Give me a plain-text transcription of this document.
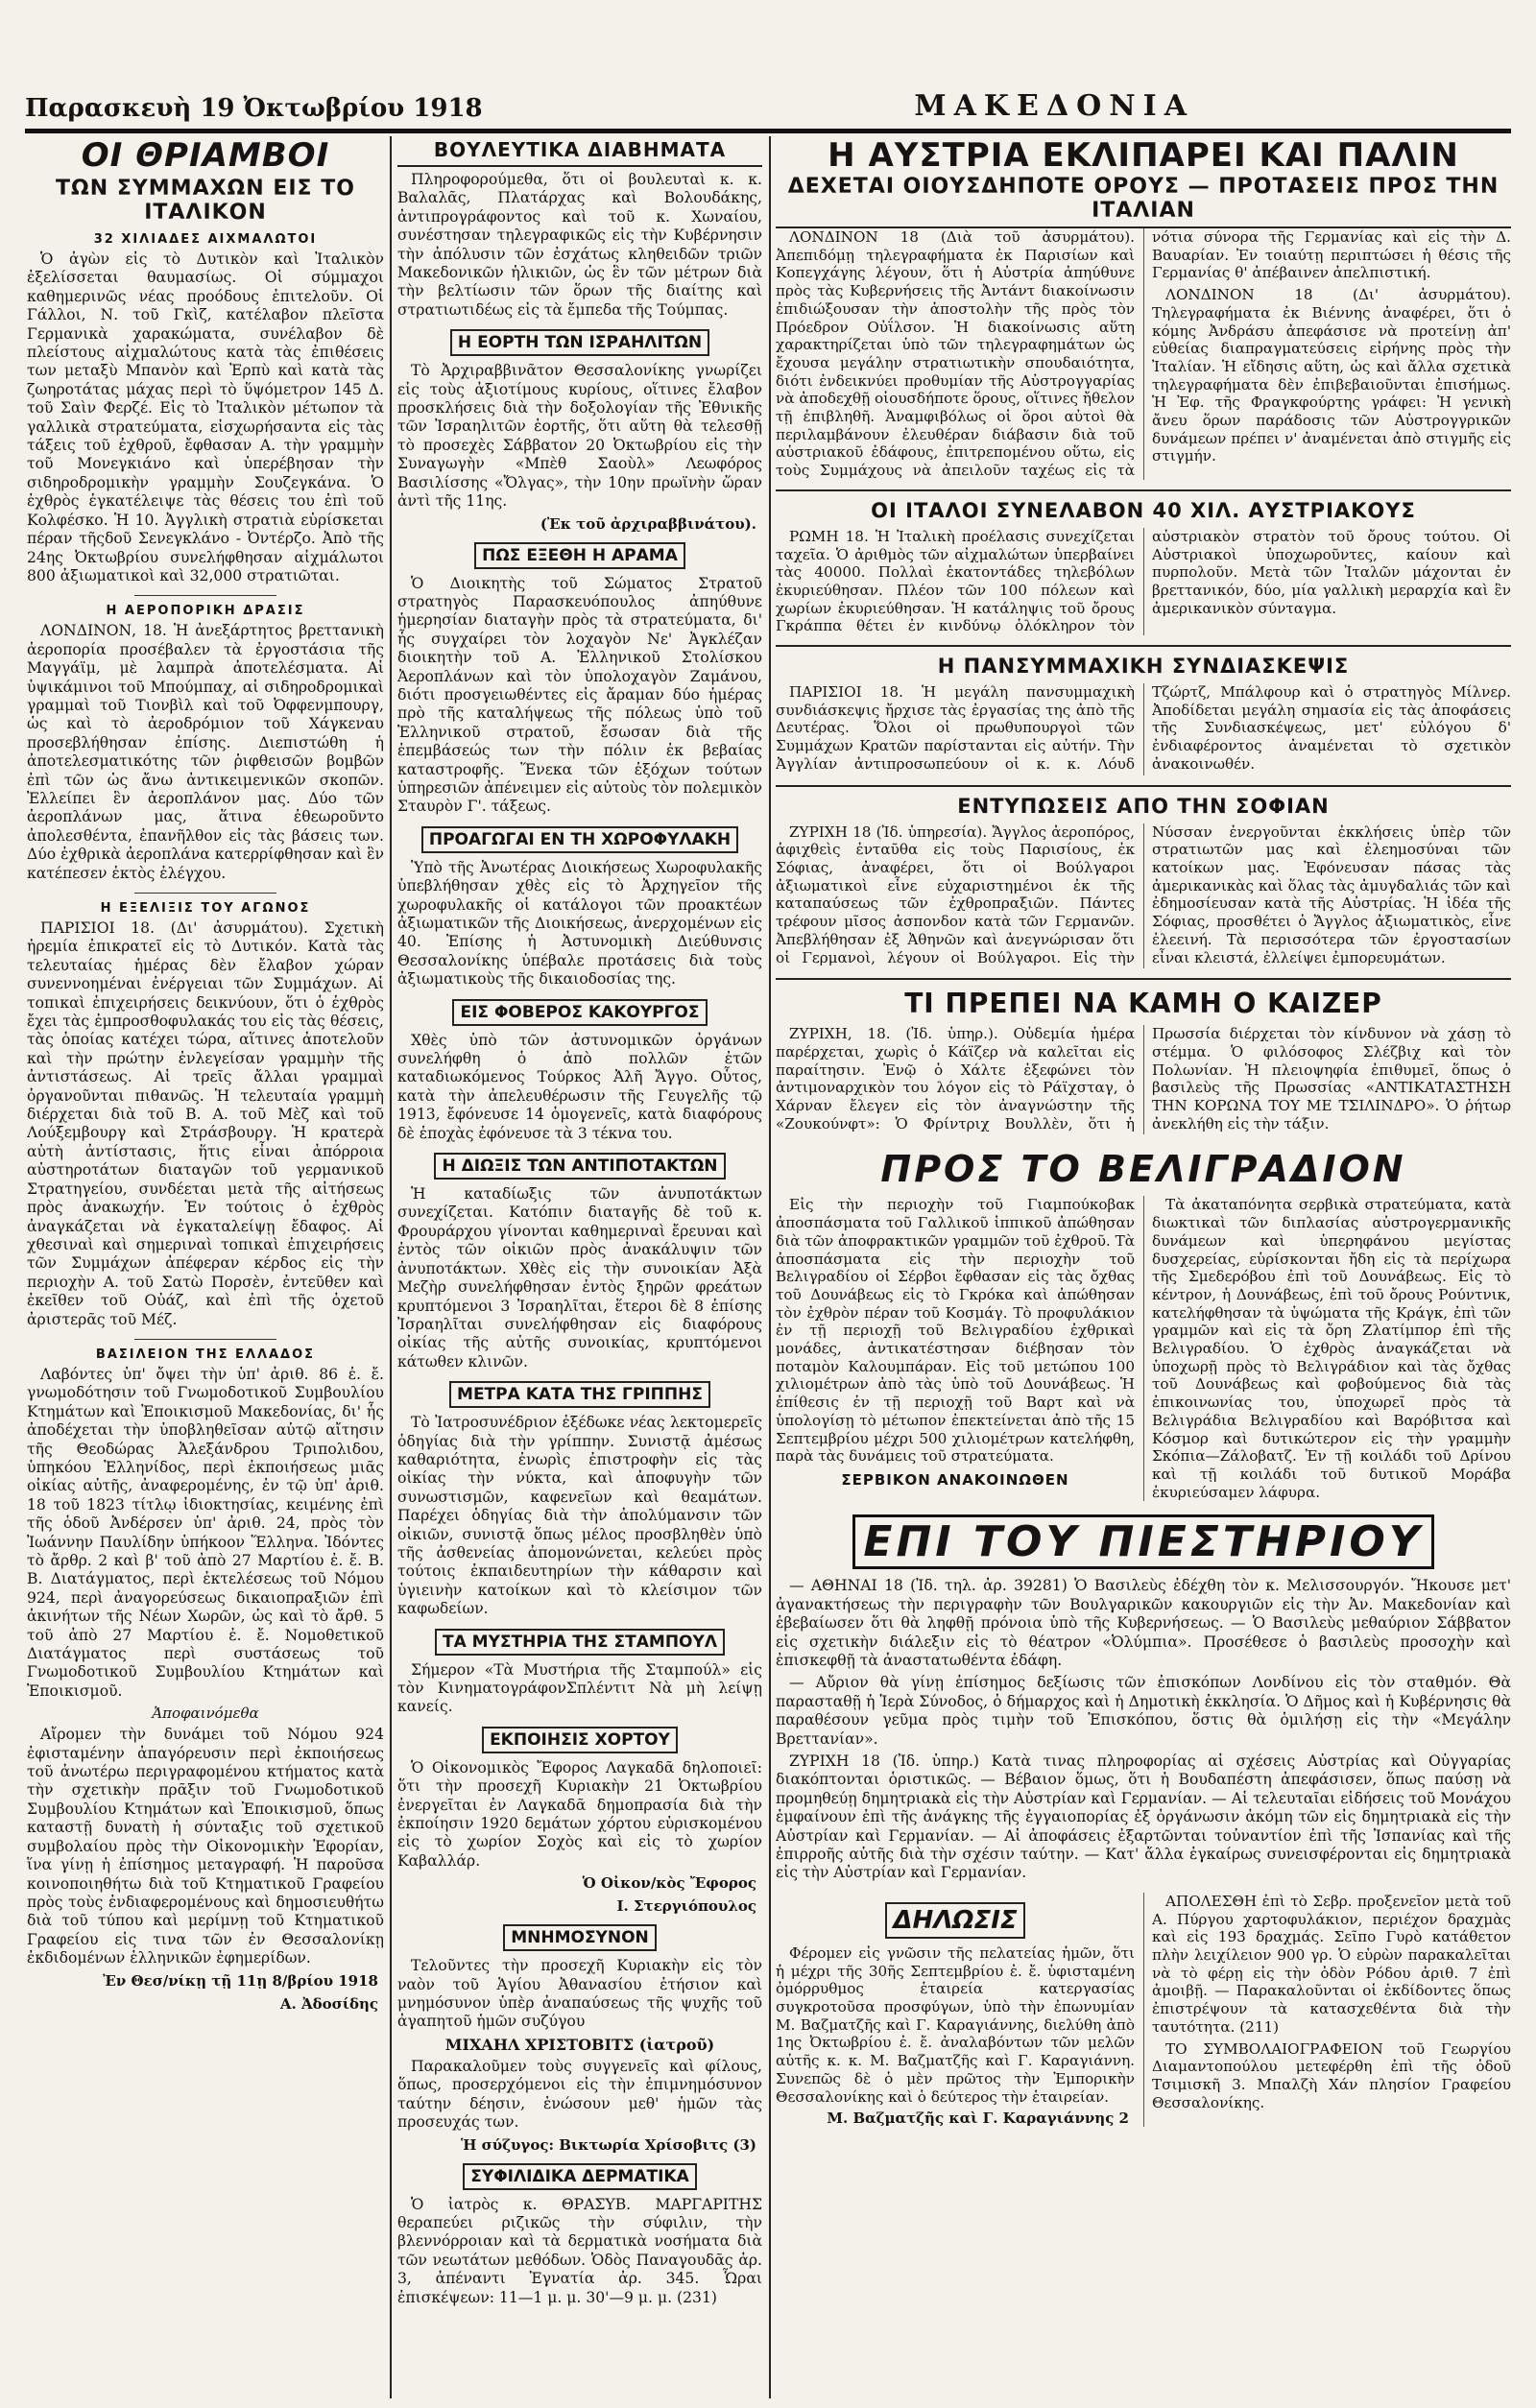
Παρασκευὴ 19 Ὀκτωβρίου 1918	ΜΑΚΕΔΟΝΙΑ
ΟΙ ΘΡΙΑΜΒΟΙ
ΤΩΝ ΣΥΜΜΑΧΩΝ ΕΙΣ ΤΟ ΙΤΑΛΙΚΟΝ
32 ΧΙΛΙΑΔΕΣ ΑΙΧΜΑΛΩΤΟΙ

Ὁ ἀγὼν εἰς τὸ Δυτικὸν καὶ Ἰταλικὸν ἐξελίσσεται θαυμασίως. Οἱ σύμμαχοι καθημερινῶς νέας προόδους ἐπιτελοῦν. Οἱ Γάλλοι, Ν. τοῦ Γκὶζ, κατέλαβον πλεῖστα Γερμανικὰ χαρακώματα, συνέλαβον δὲ πλείστους αἰχμαλώτους κατὰ τὰς ἐπιθέσεις των μεταξὺ Μπανὸν καὶ Ἐρπὺ καὶ κατὰ τὰς ζωηροτάτας μάχας περὶ τὸ ὕψόμετρον 145 Δ. τοῦ Σαὶν Φερζέ. Εἰς τὸ Ἰταλικὸν μέτωπον τὰ γαλλικὰ στρατεύματα, εἰσχωρήσαντα εἰς τὰς τάξεις τοῦ ἐχθροῦ, ἔφθασαν Α. τὴν γραμμὴν τοῦ Μονεγκιάνο καὶ ὑπερέβησαν τὴν σιδηροδρομικὴν γραμμὴν Σουζεγκάνα. Ὁ ἐχθρὸς ἐγκατέλειψε τὰς θέσεις του ἐπὶ τοῦ Κολφέσκο. Ἡ 10. Ἀγγλικὴ στρατιὰ εὑρίσκεται πέραν τῆςδοῦ Σενεγκλάνο - Ὀντέρζο. Ἀπὸ τῆς 24ης Ὀκτωβρίου συνελήφθησαν αἰχμάλωτοι 800 ἀξιωματικοὶ καὶ 32,000 στρατιῶται.

Η ΑΕΡΟΠΟΡΙΚΗ ΔΡΑΣΙΣ

ΛΟΝΔΙΝΟΝ, 18. Ἡ ἀνεξάρτητος βρεττανικὴ ἀεροπορία προσέβαλεν τὰ ἐργοστάσια τῆς Μαγγάϊμ, μὲ λαμπρὰ ἀποτελέσματα. Αἱ ὑψικάμινοι τοῦ Μπούμπαχ, αἱ σιδηροδρομικαὶ γραμμαὶ τοῦ Τιονβὶλ καὶ τοῦ Ὀφφενμπουργ, ὡς καὶ τὸ ἀεροδρόμιον τοῦ Χάγκεναυ προσεβλήθησαν ἐπίσης. Διεπιστώθη ἡ ἀποτελεσματικότης τῶν ῥιφθεισῶν βομβῶν ἐπὶ τῶν ὡς ἄνω ἀντικειμενικῶν σκοπῶν. Ἐλλείπει ἓν ἀεροπλάνον μας. Δύο τῶν ἀεροπλάνων μας, ἅτινα ἐθεωροῦντο ἀπολεσθέντα, ἐπανῆλθον εἰς τὰς βάσεις των. Δύο ἐχθρικὰ ἀεροπλάνα κατερρίφθησαν καὶ ἓν κατέπεσεν ἐκτὸς ἐλέγχου.

Η ΕΞΕΛΙΞΙΣ ΤΟΥ ΑΓΩΝΟΣ

ΠΑΡΙΣΙΟΙ 18. (Δι' ἀσυρμάτου). Σχετικὴ ἠρεμία ἐπικρατεῖ εἰς τὸ Δυτικόν. Κατὰ τὰς τελευταίας ἡμέρας δὲν ἔλαβον χώραν συνεννοημέναι ἐνέργειαι τῶν Συμμάχων. Αἱ τοπικαὶ ἐπιχειρήσεις δεικνύουν, ὅτι ὁ ἐχθρὸς ἔχει τὰς ἐμπροσθοφυλακάς του εἰς τὰς θέσεις, τὰς ὁποίας κατέχει τώρα, αἵτινες ἀποτελοῦν καὶ τὴν πρώτην ἐνλεγείσαν γραμμὴν τῆς ἀντιστάσεως. Αἱ τρεῖς ἄλλαι γραμμαὶ ὀργανοῦνται πιθανῶς. Ἡ τελευταία γραμμὴ διέρχεται διὰ τοῦ Β. Α. τοῦ Μὲζ καὶ τοῦ Λούξεμβουργ καὶ Στράσβουργ. Ἡ κρατερὰ αὐτὴ ἀντίστασις, ἥτις εἶναι ἀπόρροια αὐστηροτάτων διαταγῶν τοῦ γερμανικοῦ Στρατηγείου, συνδέεται μετὰ τῆς αἰτήσεως πρὸς ἀνακωχήν. Ἐν τούτοις ὁ ἐχθρὸς ἀναγκάζεται νὰ ἐγκαταλείψῃ ἔδαφος. Αἱ χθεσιναὶ καὶ σημεριναὶ τοπικαὶ ἐπιχειρήσεις τῶν Συμμάχων ἀπέφεραν κέρδος εἰς τὴν περιοχὴν Α. τοῦ Σατὼ Πορσὲν, ἐντεῦθεν καὶ ἐκεῖθεν τοῦ Οὐάζ, καὶ ἐπὶ τῆς ὀχετοῦ ἀριστερᾶς τοῦ Μέζ.

ΒΑΣΙΛΕΙΟΝ ΤΗΣ ΕΛΛΑΔΟΣ

Λαβόντες ὑπ' ὄψει τὴν ὑπ' ἀριθ. 86 ἐ. ἔ. γνωμοδότησιν τοῦ Γνωμοδοτικοῦ Συμβουλίου Κτημάτων καὶ Ἐποικισμοῦ Μακεδονίας, δι' ἧς ἀποδέχεται τὴν ὑποβληθεῖσαν αὐτῷ αἴτησιν τῆς Θεοδώρας Ἀλεξάνδρου Τριπολιδου, ὑπηκόου Ἑλληνίδος, περὶ ἐκποιήσεως μιᾶς οἰκίας αὐτῆς, ἀναφερομένης, ἐν τῷ ὑπ' ἀριθ. 18 τοῦ 1823 τίτλῳ ἰδιοκτησίας, κειμένης ἐπὶ τῆς ὁδοῦ Ἀνδέρσεν ὑπ' ἀριθ. 24, πρὸς τὸν Ἰωάννην Παυλίδην ὑπήκοον Ἕλληνα. Ἰδόντες τὸ ἄρθρ. 2 καὶ β' τοῦ ἀπὸ 27 Μαρτίου ἐ. ἔ. Β. Β. Διατάγματος, περὶ ἐκτελέσεως τοῦ Νόμου 924, περὶ ἀναγορεύσεως δικαιοπραξιῶν ἐπὶ ἀκινήτων τῆς Νέων Χωρῶν, ὡς καὶ τὸ ἄρθ. 5 τοῦ ἀπὸ 27 Μαρτίου ἐ. ἔ. Νομοθετικοῦ Διατάγματος περὶ συστάσεως τοῦ Γνωμοδοτικοῦ Συμβουλίου Κτημάτων καὶ Ἐποικισμοῦ.

Ἀποφαινόμεθα

Αἴρομεν τὴν δυνάμει τοῦ Νόμου 924 ἐφισταμένην ἀπαγόρευσιν περὶ ἐκποιήσεως τοῦ ἀνωτέρω περιγραφομένου κτήματος κατὰ τὴν σχετικὴν πρᾶξιν τοῦ Γνωμοδοτικοῦ Συμβουλίου Κτημάτων καὶ Ἐποικισμοῦ, ὅπως καταστῇ δυνατὴ ἡ σύνταξις τοῦ σχετικοῦ συμβολαίου πρὸς τὴν Οἰκονομικὴν Ἐφορίαν, ἵνα γίνῃ ἡ ἐπίσημος μεταγραφή. Ἡ παροῦσα κοινοποιηθήτω διὰ τοῦ Κτηματικοῦ Γραφείου πρὸς τοὺς ἐνδιαφερομένους καὶ δημοσιευθήτω διὰ τοῦ τύπου καὶ μερίμνῃ τοῦ Κτηματικοῦ Γραφείου εἰς τινα τῶν ἐν Θεσσαλονίκῃ ἐκδιδομένων ἑλληνικῶν ἐφημερίδων.

Ἐν Θεσ/νίκῃ τῇ 11ῃ 8/βρίου 1918
Α. Ἀδοσίδης
ΒΟΥΛΕΥΤΙΚΑ ΔΙΑΒΗΜΑΤΑ

Πληροφορούμεθα, ὅτι οἱ βουλευταὶ κ. κ. Βαλαλᾶς, Πλατάρχας καὶ Βολουδάκης, ἀντιπρογράφοντος καὶ τοῦ κ. Χωναίου, συνέστησαν τηλεγραφικῶς εἰς τὴν Κυβέρνησιν τὴν ἀπόλυσιν τῶν ἐσχάτως κληθειδῶν τριῶν Μακεδονικῶν ἡλικιῶν, ὡς ἓν τῶν μέτρων διὰ τὴν βελτίωσιν τῶν ὅρων τῆς διαίτης καὶ στρατιωτιδέως εἰς τὰ ἔμπεδα τῆς Τούμπας.

Η ΕΟΡΤΗ ΤΩΝ ΙΣΡΑΗΛΙΤΩΝ

Τὸ Ἀρχιραββινᾶτον Θεσσαλονίκης γνωρίζει εἰς τοὺς ἀξιοτίμους κυρίους, οἵτινες ἔλαβον προσκλήσεις διὰ τὴν δοξολογίαν τῆς Ἐθνικῆς τῶν Ἰσραηλιτῶν ἑορτῆς, ὅτι αὕτη θὰ τελεσθῇ τὸ προσεχὲς Σάββατον 20 Ὀκτωβρίου εἰς τὴν Συναγωγὴν «Μπὲθ Σαοὺλ» Λεωφόρος Βασιλίσσης «Ὄλγας», τὴν 10ην πρωϊνὴν ὥραν ἀντὶ τῆς 11ης.

(Ἐκ τοῦ ἀρχιραββινάτου).
ΠΩΣ ΕΞΕΘΗ Η ΑΡΑΜΑ

Ὁ Διοικητὴς τοῦ Σώματος Στρατοῦ στρατηγὸς Παρασκευόπουλος ἀπηύθυνε ἡμερησίαν διαταγὴν πρὸς τὰ στρατεύματα, δι' ἧς συγχαίρει τὸν λοχαγὸν Νε' Ἀγκλέζαν διοικητὴν τοῦ Α. Ἑλληνικοῦ Στολίσκου Ἀεροπλάνων καὶ τὸν ὑπολοχαγὸν Ζαμάνου, διότι προσγειωθέντες εἰς ἄραμαν δύο ἡμέρας πρὸ τῆς καταλήψεως τῆς πόλεως ὑπὸ τοῦ Ἑλληνικοῦ στρατοῦ, ἔσωσαν διὰ τῆς ἐπεμβάσεώς των τὴν πόλιν ἐκ βεβαίας καταστροφῆς. Ἕνεκα τῶν ἐξόχων τούτων ὑπηρεσιῶν ἀπένειμεν εἰς αὐτοὺς τὸν πολεμικὸν Σταυρὸν Γ'. τάξεως.

ΠΡΟΑΓΩΓΑΙ ΕΝ ΤΗ ΧΩΡΟΦΥΛΑΚΗ

Ὑπὸ τῆς Ἀνωτέρας Διοικήσεως Χωροφυλακῆς ὑπεβλήθησαν χθὲς εἰς τὸ Ἀρχηγεῖον τῆς χωροφυλακῆς οἱ κατάλογοι τῶν προακτέων ἀξιωματικῶν τῆς Διοικήσεως, ἀνερχομένων εἰς 40. Ἐπίσης ἡ Ἀστυνομικὴ Διεύθυνσις Θεσσαλονίκης ὑπέβαλε προτάσεις διὰ τοὺς ἀξιωματικοὺς τῆς δικαιοδοσίας της.

ΕΙΣ ΦΟΒΕΡΟΣ ΚΑΚΟΥΡΓΟΣ

Χθὲς ὑπὸ τῶν ἀστυνομικῶν ὀργάνων συνελήφθη ὁ ἀπὸ πολλῶν ἐτῶν καταδιωκόμενος Τούρκος Ἀλῆ Ἄγγο. Οὗτος, κατὰ τὴν ἀπελευθέρωσιν τῆς Γευγελῆς τῷ 1913, ἔφόνευσε 14 ὁμογενεῖς, κατὰ διαφόρους δὲ ἐποχὰς ἐφόνευσε τὰ 3 τέκνα του.

Η ΔΙΩΞΙΣ ΤΩΝ ΑΝΤΙΠΟΤΑΚΤΩΝ

Ἡ καταδίωξις τῶν ἀνυποτάκτων συνεχίζεται. Κατόπιν διαταγῆς δὲ τοῦ κ. Φρουράρχου γίνονται καθημεριναὶ ἔρευναι καὶ ἐντὸς τῶν οἰκιῶν πρὸς ἀνακάλυψιν τῶν ἀνυποτάκτων. Χθὲς εἰς τὴν συνοικίαν Ἀξὰ Μεζὴρ συνελήφθησαν ἐντὸς ξηρῶν φρεάτων κρυπτόμενοι 3 Ἰσραηλῖται, ἕτεροι δὲ 8 ἐπίσης Ἰσραηλῖται συνελήφθησαν εἰς διαφόρους οἰκίας τῆς αὐτῆς συνοικίας, κρυπτόμενοι κάτωθεν κλινῶν.

ΜΕΤΡΑ ΚΑΤΑ ΤΗΣ ΓΡΙΠΠΗΣ

Τὸ Ἰατροσυνέδριον ἐξέδωκε νέας λεκτομερεῖς ὁδηγίας διὰ τὴν γρίππην. Συνιστᾷ ἀμέσως καθαριότητα, ἐνωρὶς ἐπιστροφὴν εἰς τὰς οἰκίας τὴν νύκτα, καὶ ἀποφυγὴν τῶν συνωστισμῶν, καφενεῖων καὶ θεαμάτων. Παρέχει ὁδηγίας διὰ τὴν ἀπολύμανσιν τῶν οἰκιῶν, συνιστᾷ ὅπως μέλος προσβληθὲν ὑπὸ τῆς ἀσθενείας ἀπομονώνεται, κελεύει πρὸς τούτοις ἐκπαιδευτηρίων τὴν κάθαρσιν καὶ ὑγιεινὴν κατοίκων καὶ τὸ κλείσιμον τῶν καφωδείων.

ΤΑ ΜΥΣΤΗΡΙΑ ΤΗΣ ΣΤΑΜΠΟΥΛ

Σήμερον «Τὰ Μυστήρια τῆς Σταμπούλ» εἰς τὸν ΚινηματογράφονΣπλέντιτ Νὰ μὴ λείψῃ κανείς.

ΕΚΠΟΙΗΣΙΣ ΧΟΡΤΟΥ

Ὁ Οἰκονομικὸς Ἔφορος Λαγκαδᾶ δηλοποιεῖ: ὅτι τὴν προσεχῆ Κυριακὴν 21 Ὀκτωβρίου ἐνεργεῖται ἐν Λαγκαδᾶ δημοπρασία διὰ τὴν ἐκποίησιν 1920 δεμάτων χόρτου εὑρισκομένου εἰς τὸ χωρίον Σοχὸς καὶ εἰς τὸ χωρίον Καβαλλάρ.

Ὁ Οἰκον/κὸς Ἔφορος
Ι. Στεργιόπουλος
ΜΝΗΜΟΣΥΝΟΝ

Τελοῦντες τὴν προσεχῆ Κυριακὴν εἰς τὸν ναὸν τοῦ Ἁγίου Ἀθανασίου ἐτήσιον καὶ μνημόσυνον ὑπὲρ ἀναπαύσεως τῆς ψυχῆς τοῦ ἀγαπητοῦ ἡμῶν συζύγου

ΜΙΧΑΗΛ ΧΡΙΣΤΟΒΙΤΣ (ἰατροῦ)

Παρακαλοῦμεν τοὺς συγγενεῖς καὶ φίλους, ὅπως, προσερχόμενοι εἰς τὴν ἐπιμνημόσυνον ταύτην δέησιν, ἑνώσουν μεθ' ἡμῶν τὰς προσευχάς των.

Ἡ σύζυγος: Βικτωρία Χρίσοβιτς (3)
ΣΥΦΙΛΙΔΙΚΑ ΔΕΡΜΑΤΙΚΑ

Ὁ ἰατρὸς κ. ΘΡΑΣΥΒ. ΜΑΡΓΑΡΙΤΗΣ θεραπεύει ριζικῶς τὴν σύφιλιν, τὴν βλεννόρροιαν καὶ τὰ δερματικὰ νοσήματα διὰ τῶν νεωτάτων μεθόδων. Ὁδὸς Παναγουδᾶς ἀρ. 3, ἀπέναντι Ἐγνατία ἀρ. 345. Ὧραι ἐπισκέψεων: 11—1 μ. μ. 30'—9 μ. μ. (231)

Η ΑΥΣΤΡΙΑ ΕΚΛΙΠΑΡΕΙ ΚΑΙ ΠΑΛΙΝ
ΔΕΧΕΤΑΙ ΟΙΟΥΣΔΗΠΟΤΕ ΟΡΟΥΣ — ΠΡΟΤΑΣΕΙΣ ΠΡΟΣ ΤΗΝ ΙΤΑΛΙΑΝ

ΛΟΝΔΙΝΟΝ 18 (Διὰ τοῦ ἀσυρμάτου). Ἀπεπιδόμῃ τηλεγραφήματα ἐκ Παρισίων καὶ Κοπεγχάγης λέγουν, ὅτι ἡ Αὐστρία ἀπηύθυνε πρὸς τὰς Κυβερνήσεις τῆς Ἀντάντ διακοίνωσιν ἐπιδιώξουσαν τὴν ἀποστολὴν τῆς πρὸς τὸν Πρόεδρον Οὐΐλσον. Ἡ διακοίνωσις αὕτη χαρακτηρίζεται ὑπὸ τῶν τηλεγραφημάτων ὡς ἔχουσα μεγάλην στρατιωτικὴν σπουδαιότητα, διότι ἐνδεικνύει προθυμίαν τῆς Αὐστρογγαρίας νὰ ἀποδεχθῇ οἱουσδήποτε ὅρους, οἵτινες ἤθελον τῇ ἐπιβληθῆ. Ἀναμφιβόλως οἱ ὅροι αὐτοὶ θὰ περιλαμβάνουν ἐλευθέραν διάβασιν διὰ τοῦ αὐστριακοῦ ἐδάφους, ἐπιτρεπομένου οὕτω, εἰς τοὺς Συμμάχους νὰ ἀπειλοῦν ταχέως εἰς τὰ νότια σύνορα τῆς Γερμανίας καὶ εἰς τὴν Δ. Βαυαρίαν. Ἐν τοιαύτῃ περιπτώσει ἡ θέσις τῆς Γερμανίας θ' ἀπέβαινεν ἀπελπιστική.

ΛΟΝΔΙΝΟΝ 18 (Δι' ἀσυρμάτου). Τηλεγραφήματα ἐκ Βιέννης ἀναφέρει, ὅτι ὁ κόμης Ἀνδράσυ ἀπεφάσισε νὰ προτείνῃ ἀπ' εὐθείας διαπραγματεύσεις εἰρήνης πρὸς τὴν Ἰταλίαν. Ἡ εἴδησις αὕτη, ὡς καὶ ἄλλα σχετικὰ τηλεγραφήματα δὲν ἐπιβεβαιοῦνται ἐπισήμως. Ἡ Ἐφ. τῆς Φραγκφούρτης γράφει: Ἡ γενικὴ ἄνευ ὅρων παράδοσις τῶν Αὐστρογγρικῶν δυνάμεων πρέπει ν' ἀναμένεται ἀπὸ στιγμῆς εἰς στιγμήν.

ΟΙ ΙΤΑΛΟΙ ΣΥΝΕΛΑΒΟΝ 40 ΧΙΛ. ΑΥΣΤΡΙΑΚΟΥΣ

ΡΩΜΗ 18. Ἡ Ἰταλικὴ προέλασις συνεχίζεται ταχεῖα. Ὁ ἀριθμὸς τῶν αἰχμαλώτων ὑπερβαίνει τὰς 40000. Πολλαὶ ἑκατοντάδες τηλεβόλων ἐκυριεύθησαν. Πλέον τῶν 100 πόλεων καὶ χωρίων ἐκυριεύθησαν. Ἡ κατάληψις τοῦ ὄρους Γκράππα θέτει ἐν κινδύνῳ ὁλόκληρον τὸν αὐστριακὸν στρατὸν τοῦ ὄρους τούτου. Οἱ Αὐστριακοὶ ὑποχωροῦντες, καίουν καὶ πυρπολοῦν. Μετὰ τῶν Ἰταλῶν μάχονται ἐν βρεττανικόν, δύο, μία γαλλικὴ μεραρχία καὶ ἓν ἀμερικανικὸν σύνταγμα.

Η ΠΑΝΣΥΜΜΑΧΙΚΗ ΣΥΝΔΙΑΣΚΕΨΙΣ

ΠΑΡΙΣΙΟΙ 18. Ἡ μεγάλη πανσυμμαχικὴ συνδιάσκεψις ἤρχισε τὰς ἐργασίας της ἀπὸ τῆς Δευτέρας. Ὅλοι οἱ πρωθυπουργοὶ τῶν Συμμάχων Κρατῶν παρίστανται εἰς αὐτήν. Τὴν Ἀγγλίαν ἀντιπροσωπεύουν οἱ κ. κ. Λόυδ Τζώρτζ, Μπάλφουρ καὶ ὁ στρατηγὸς Μίλνερ. Ἀποδίδεται μεγάλη σημασία εἰς τὰς ἀποφάσεις τῆς Συνδιασκέψεως, μετ' εὐλόγου δ' ἐνδιαφέροντος ἀναμένεται τὸ σχετικὸν ἀνακοινωθέν.

ΕΝΤΥΠΩΣΕΙΣ ΑΠΟ ΤΗΝ ΣΟΦΙΑΝ

ΖΥΡΙΧΗ 18 (Ἰδ. ὑπηρεσία). Ἄγγλος ἀεροπόρος, ἀφιχθεὶς ἐνταῦθα εἰς τοὺς Παρισίους, ἐκ Σόφιας, ἀναφέρει, ὅτι οἱ Βούλγαροι ἀξιωματικοὶ εἶνε εὐχαριστημένοι ἐκ τῆς καταπαύσεως τῶν ἐχθροπραξιῶν. Πάντες τρέφουν μῖσος ἀσπονδον κατὰ τῶν Γερμανῶν. Ἀπεβλήθησαν ἐξ Ἀθηνῶν καὶ ἀνεγνώρισαν ὅτι οἱ Γερμανοὶ, λέγουν οἱ Βούλγαροι. Εἰς τὴν Νύσσαν ἐνεργοῦνται ἐκκλήσεις ὑπὲρ τῶν στρατιωτῶν μας καὶ ἐλεημοσύναι τῶν κατοίκων μας. Ἐφόνευσαν πάσας τὰς ἀμερικανικὰς καὶ ὅλας τὰς ἀμυγδαλιάς τῶν καὶ ἐδημοσίευσαν κατὰ τῆς Αὐστρίας. Ἡ ἰδέα τῆς Σόφιας, προσθέτει ὁ Ἄγγλος ἀξιωματικὸς, εἶνε ἐλεεινή. Τὰ περισσότερα τῶν ἐργοστασίων εἶναι κλειστά, ἐλλείψει ἐμπορευμάτων.

ΤΙ ΠΡΕΠΕΙ ΝΑ ΚΑΜΗ Ο ΚΑΙΖΕΡ

ΖΥΡΙΧΗ, 18. (Ἰδ. ὑπηρ.). Οὐδεμία ἡμέρα παρέρχεται, χωρὶς ὁ Κάϊζερ νὰ καλεῖται εἰς παραίτησιν. Ἐνῷ ὁ Χάλτε ἐξεφώνει τὸν ἀντιμοναρχικὸν του λόγον εἰς τὸ Ράϊχσταγ, ὁ Χάρναν ἔλεγεν εἰς τὸν ἀναγνώστην τῆς «Ζουκούνφτ»: Ὁ Φρίντριχ Βουλλὲν, ὅτι ἡ Πρωσσία διέρχεται τὸν κίνδυνον νὰ χάσῃ τὸ στέμμα. Ὁ φιλόσοφος Σλέζβιχ καὶ τὸν Πολωνίαν. Ἡ πλειοψηφία ἐπιθυμεῖ, ὅπως ὁ βασιλεὺς τῆς Πρωσσίας «ΑΝΤΙΚΑΤΑΣΤΗΣΗ ΤΗΝ ΚΟΡΩΝΑ ΤΟΥ ΜΕ ΤΣΙΛΙΝΔΡΟ». Ὁ ῥήτωρ ἀνεκλήθη εἰς τὴν τάξιν.

ΠΡΟΣ ΤΟ ΒΕΛΙΓΡΑΔΙΟΝ

Εἰς τὴν περιοχὴν τοῦ Γιαμπούκοβακ ἀποσπάσματα τοῦ Γαλλικοῦ ἱππικοῦ ἀπώθησαν διὰ τῶν ἀποφρακτικῶν γραμμῶν τοῦ ἐχθροῦ. Τὰ ἀποσπάσματα εἰς τὴν περιοχὴν τοῦ Βελιγραδίου οἱ Σέρβοι ἔφθασαν εἰς τὰς ὄχθας τοῦ Δουνάβεως εἰς τὸ Γκρόκα καὶ ἀπώθησαν τὸν ἐχθρὸν πέραν τοῦ Κοσμάγ. Τὸ προφυλάκιον ἐν τῇ περιοχῇ τοῦ Βελιγραδίου ἐχθρικαὶ μονάδες, ἀντικατέστησαν διέβησαν τὸν ποταμὸν Καλουμπάραν. Εἰς τοῦ μετώπου 100 χιλιομέτρων ἀπὸ τὰς ὑπὸ τοῦ Δουνάβεως. Ἡ ἐπίθεσις ἐν τῇ περιοχῇ τοῦ Βαρτ καὶ νὰ ὑπολογίσῃ τὸ μέτωπον ἐπεκτείνεται ἀπὸ τῆς 15 Σεπτεμβρίου μέχρι 500 χιλιομέτρων κατελήφθη, παρὰ τὰς δυνάμεις τοῦ στρατεύματα.

ΣΕΡΒΙΚΟΝ ΑΝΑΚΟΙΝΩΘΕΝ

Τὰ ἀκαταπόνητα σερβικὰ στρατεύματα, κατὰ διωκτικαὶ τῶν διπλασίας αὐστρογερμανικῆς δυνάμεων καὶ ὑπερηφάνου μεγίστας δυσχερείας, εὑρίσκονται ἤδη εἰς τὰ περίχωρα τῆς Σμεδερόβου ἐπὶ τοῦ Δουνάβεως. Εἰς τὸ κέντρον, ἡ Δουνάβεως, ἐπὶ τοῦ ὄρους Ρούντνικ, κατελήφθησαν τὰ ὑψώματα τῆς Κράγκ, ἐπὶ τῶν γραμμῶν καὶ εἰς τὰ ὄρη Ζλατίμπορ ἐπὶ τῆς Βελιγραδίου. Ὁ ἐχθρὸς ἀναγκάζεται νὰ ὑποχωρῇ πρὸς τὸ Βελιγράδιον καὶ τὰς ὄχθας τοῦ Δουνάβεως καὶ φοβούμενος διὰ τὰς ἐπικοινωνίας του, ὑποχωρεῖ πρὸς τὰ Βελιγράδια Βελιγραδίου καὶ Βαρόβιτσα καὶ Κόσμορ καὶ δυτικώτερον εἰς τὴν γραμμὴν Σκόπια—Ζάλοβατζ. Ἐν τῇ κοιλάδι τοῦ Δρίνου καὶ τῇ κοιλάδι τοῦ δυτικοῦ Μοράβα ἐκυριεύσαμεν λάφυρα.

ΕΠΙ ΤΟΥ ΠΙΕΣΤΗΡΙΟΥ

— ΑΘΗΝΑΙ 18 (Ἰδ. τηλ. ἀρ. 39281) Ὁ Βασιλεὺς ἐδέχθη τὸν κ. Μελισσουργόν. Ἤκουσε μετ' ἀγανακτήσεως τὴν περιγραφὴν τῶν Βουλγαρικῶν κακουργιῶν εἰς τὴν Ἀν. Μακεδονίαν καὶ ἐβεβαίωσεν ὅτι θὰ ληφθῇ πρόνοια ὑπὸ τῆς Κυβερνήσεως. — Ὁ Βασιλεὺς μεθαύριον Σάββατον εἰς σχετικὴν διάλεξιν εἰς τὸ θέατρον «Ὀλύμπια». Προσέθεσε ὁ βασιλεὺς προσοχὴν καὶ ἐπισκεφθῇ τὰ ἀναστατωθέντα ἐδάφη.

— Αὔριον θὰ γίνῃ ἐπίσημος δεξίωσις τῶν ἐπισκόπων Λονδίνου εἰς τὸν σταθμόν. Θὰ παρασταθῇ ἡ Ἱερὰ Σύνοδος, ὁ δήμαρχος καὶ ἡ Δημοτικὴ ἐκκλησία. Ὁ Δῆμος καὶ ἡ Κυβέρνησις θὰ παραθέσουν γεῦμα πρὸς τιμὴν τοῦ Ἐπισκόπου, ὅστις θὰ ὁμιλήσῃ εἰς τὴν «Μεγάλην Βρεττανίαν».

ΖΥΡΙΧΗ 18 (Ἰδ. ὑπηρ.) Κατὰ τινας πληροφορίας αἱ σχέσεις Αὐστρίας καὶ Οὐγγαρίας διακόπτονται ὁριστικῶς. — Βέβαιον ὅμως, ὅτι ἡ Βουδαπέστη ἀπεφάσισεν, ὅπως παύσῃ νὰ προμηθεύῃ δημητριακὰ εἰς τὴν Αὐστρίαν καὶ Γερμανίαν. — Αἱ τελευταῖαι εἰδήσεις τοῦ Μονάχου ἐμφαίνουν ἐπὶ τῆς ἀνάγκης τῆς ἐγγαιοπορίας ἐξ ὀργάνωσιν ἀκόμη τῶν εἰς δημητριακὰ εἰς τὴν Αὐστρίαν καὶ Γερμανίαν. — Αἱ ἀποφάσεις ἐξαρτῶνται τοὐναντίον ἐπὶ τῆς Ἰσπανίας καὶ τῆς ἐπιρροῆς αὐτῆς διὰ τὴν σχέσιν ταύτην. — Κατ' ἄλλα ἐγκαίρως συνεισφέρονται εἰς δημητριακὰ εἰς τὴν Αὐστρίαν καὶ Γερμανίαν.

ΔΗΛΩΣΙΣ

Φέρομεν εἰς γνῶσιν τῆς πελατείας ἡμῶν, ὅτι ἡ μέχρι τῆς 30ῆς Σεπτεμβρίου ἐ. ἔ. ὑφισταμένη ὁμόρρυθμος ἑταιρεία κατεργασίας συγκροτοῦσα προσφύγων, ὑπὸ τὴν ἐπωνυμίαν Μ. Βαζματζῆς καὶ Γ. Καραγιάννης, διελύθη ἀπὸ 1ης Ὀκτωβρίου ἐ. ἔ. ἀναλαβόντων τῶν μελῶν αὐτῆς κ. κ. Μ. Βαζματζῆς καὶ Γ. Καραγιάννη. Συνεπῶς δὲ ὁ μὲν πρῶτος τὴν Ἐμπορικὴν Θεσσαλονίκης καὶ ὁ δεύτερος τὴν ἑταιρείαν.

Μ. Βαζματζῆς καὶ Γ. Καραγιάννης 2

ΑΠΟΛΕΣΘΗ ἐπὶ τὸ Σεβρ. προξενεῖον μετὰ τοῦ Α. Πύργου χαρτοφυλάκιον, περιέχον δραχμὰς καὶ εἰς 193 δραχμάς. Σεῖπο Γυρὸ κατάθετον πλὴν λειχίλειον 900 γρ. Ὁ εὑρὼν παρακαλεῖται νὰ τὸ φέρῃ εἰς τὴν ὁδὸν Ρόδου ἀριθ. 7 ἐπὶ ἀμοιβῇ. — Παρακαλοῦνται οἱ ἐκδίδοντες ὅπως ἐπιστρέψουν τὰ κατασχεθέντα διὰ τὴν ταυτότητα. (211)

ΤΟ ΣΥΜΒΟΛΑΙΟΓΡΑΦΕΙΟΝ τοῦ Γεωργίου Διαμαντοπούλου μετεφέρθη ἐπὶ τῆς ὁδοῦ Τσιμισκῆ 3. Μπαλζὴ Χάν πλησίον Γραφείου Θεσσαλονίκης.
